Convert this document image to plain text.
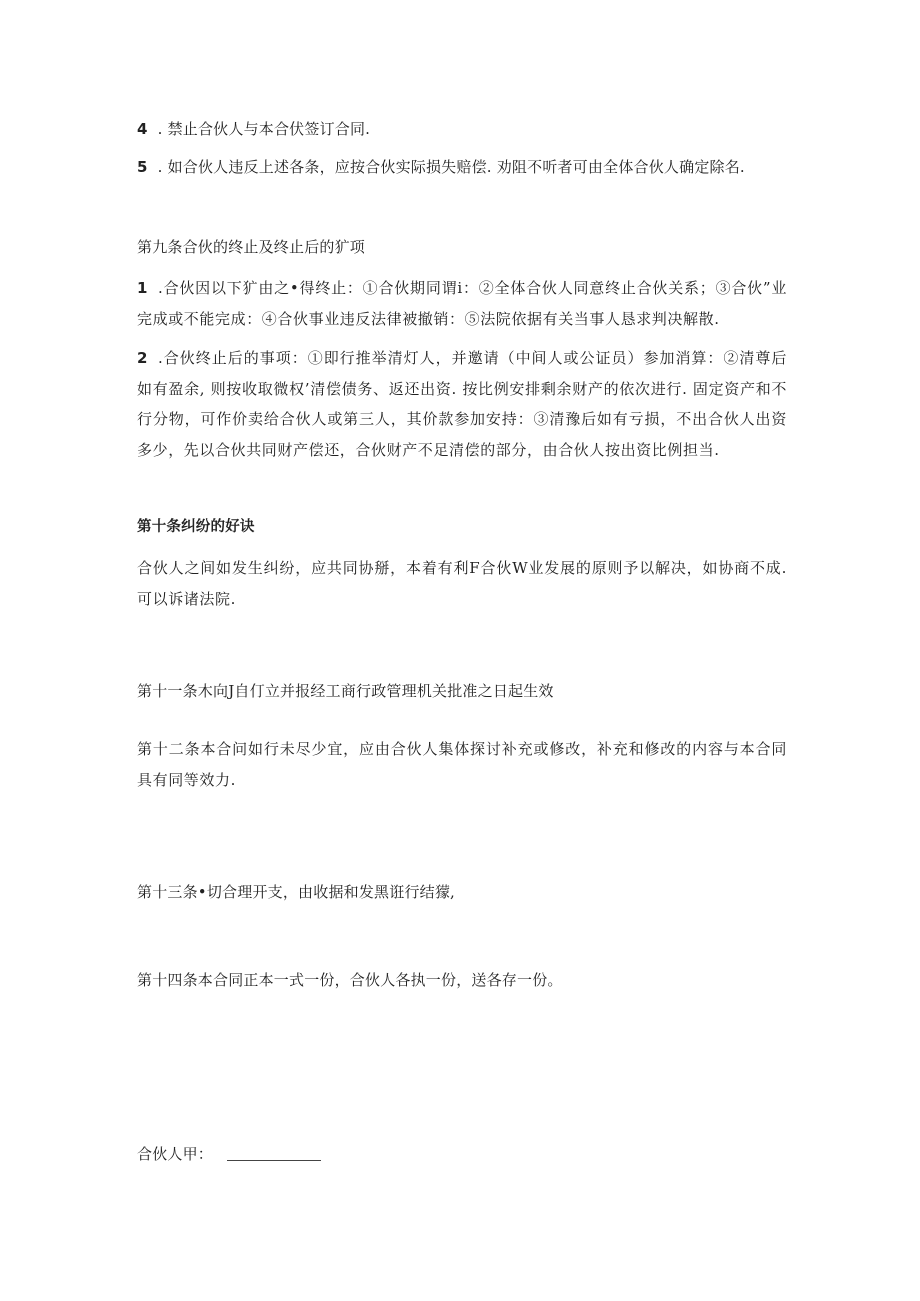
4 . 禁止合伙人与本合伏签订合同.
5 . 如合伙人违反上述各条，应按合伙实际损失赔偿. 劝阻不听者可由全体合伙人确定除名.
第九条合伙的终止及终止后的犷项
1 .合伙因以下犷由之•得终止：①合伙期同谓i：②全体合伙人同意终止合伙关系；③合伙”业完成或不能完成：④合伙事业违反法律被撤销：⑤法院依据有关当事人恳求判决解散.
2 .合伙终止后的事项：①即行推举清灯人，并邀请（中间人或公证员）参加消算：②清尊后如有盈余, 则按收取微权’清偿债务、返还出资. 按比例安排剩余财产的依次进行. 固定资产和不行分物，可作价卖给合伙人或第三人，其价款参加安持：③清豫后如有亏损，不出合伙人出资多少，先以合伙共同财产偿还，合伙财产不足清偿的部分，由合伙人按出资比例担当.
第十条纠纷的好诀
合伙人之间如发生纠纷，应共同协掰，本着有利F合伙W业发展的原则予以解决，如协商不成. 可以诉诸法院.
第十一条木向J自仃立并报经工商行政管理机关批准之日起生效
第十二条本合问如行未尽少宜，应由合伙人集体探讨补充或修改，补充和修改的内容与本合同具有同等效力.
第十三条•切合理开支，由收据和发黑诳行结獴,
第十四条本合同正本一式一份，合伙人各执一份，送各存一份。
合伙人甲：
